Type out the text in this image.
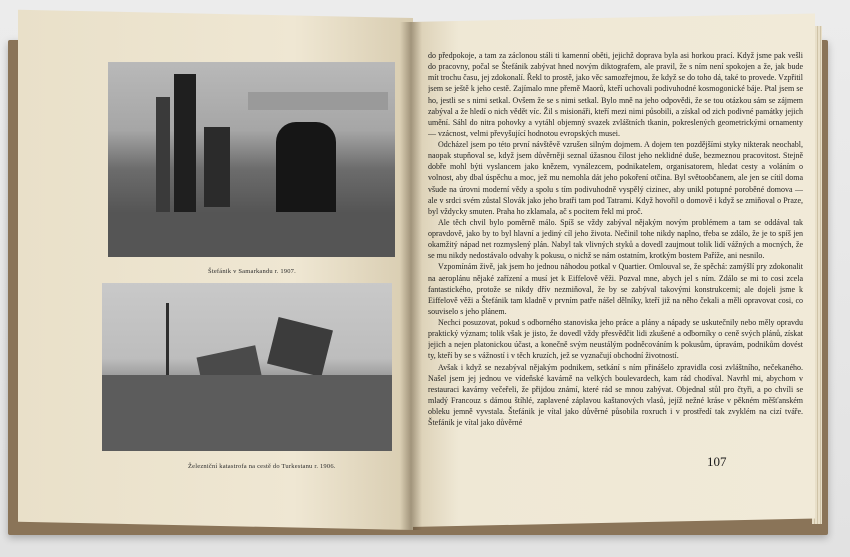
Štefánik v Samarkandu r. 1907.
Železniční katastrofa na cestě do Turkestanu r. 1906.

do předpokoje, a tam za záclonou stáli ti kamenní oběti, jejichž doprava byla asi horkou prací. Když jsme pak vešli do pracovny, počal se Štefánik zabývat hned novým diktografem, ale pravil, že s ním není spokojen a že, jak bude mít trochu času, jej zdokonalí. Řekl to prostě, jako věc samozřejmou, že když se do toho dá, také to provede. Vzpřitil jsem se ještě k jeho cestě. Zajímalo mne přemě Maorů, kteří uchovali podivuhodné kosmogonické báje. Ptal jsem se ho, jestli se s nimi setkal. Ovšem že se s nimi setkal. Bylo mně na jeho odpovědi, že se tou otázkou sám se zájmem zabýval a že hledí o nich vědět víc. Žil s misionáři, kteří mezi nimi působili, a získal od zich podivné památky jejich umění. Sáhl do nitra pohovky a vytáhl objemný svazek zvláštních tkanin, pokreslených geometrickými ornamenty — vzácnost, velmi převyšující hodnotou evropských musei.

Odcházel jsem po této první návštěvě vzrušen silným dojmem. A dojem ten pozdějšími styky nikterak neochabl, naopak stupňoval se, když jsem důvěrněji seznal úžasnou čilost jeho neklidné duše, bezmeznou pracovitost. Stejně dobře mohl býti vyslancem jako knězem, vynálezcem, podnikatelem, organisatorem, hledat cesty a voláním o volnost, aby dbal úspěchu a moc, jež mu nemohla dát jeho pokoření otčina. Byl světoobčanem, ale jen se cítil doma všude na úrovni moderní vědy a spolu s tím podivuhodně vyspělý cizinec, aby unikl potupné poroběné domova — ale v srdci svém zůstal Slovák jako jeho bratři tam pod Tatrami. Když hovořil o domově i když se zmiňoval o Praze, byl vždycky smuten. Praha ho zklamala, ač s pocitem řekl mi proč.

Ale těch chvil bylo poměrně málo. Spíš se vždy zabýval nějakým novým problémem a tam se oddával tak opravdově, jako by to byl hlavní a jediný cíl jeho života. Nečinil tohe nikdy naplno, třeba se zdálo, že je to spíš jen okamžitý nápad net rozmyslený plán. Nabyl tak vlivných styků a dovedl zaujmout tolik lidí vážných a mocných, že se mu nikdy nedostávalo odvahy k pokusu, o nichž se nám ostatním, krotkým bostem Paříže, ani nesnilo.

Vzpomínám živě, jak jsem ho jednou náhodou potkal v Quartier. Omlouval se, že spěchá: zamýšlí pry zdokonalit na aeroplánu nějaké zařízení a musí jet k Eiffelově věži. Pozval mne, abych jel s ním. Zdálo se mi to cosi zcela fantastického, protože se nikdy dřív nezmiňoval, že by se zabýval takovými konstrukcemi; ale dojeli jsme k Eiffelově věži a Štefánik tam kladně v prvním patře nášel dělníky, kteří již na něho čekali a měli opravovat cosi, co souviselo s jeho plánem.

Nechci posuzovat, pokud s odborného stanoviska jeho práce a plány a nápady se uskutečnily nebo měly opravdu praktický význam; tolik však je jisto, že dovedl vždy přesvědčit lidi zkušené a odborníky o ceně svých plánů, získat jejich a nejen platonickou účast, a konečně svým neustálým podněcováním k pokusům, úpravám, podnikům dovést ty, kteří by se s vážností i v těch kruzích, jež se vyznačují obchodní životností.

Avšak i když se nezabýval nějakým podnikem, setkání s ním přinášelo zpravidla cosi zvláštního, nečekaného. Našel jsem jej jednou ve vídeňské kavárně na velkých boulevardech, kam rád chodíval. Navrhl mi, abychom v restauraci kavárny večeřeli, že přijdou známí, které rád se mnou zabývat. Objednal stůl pro čtyři, a po chvíli se mladý Francouz s dámou štíhlé, zaplavené záplavou kaštanových vlasů, jejíž nežné kráse v pěkném měšťanském obleku jemně vyvstala. Štefánik je vítal jako důvěrné působila roxruch i v prostředí tak zvyklém na cizí tváře. Štefánik je vítal jako důvěrné

107
